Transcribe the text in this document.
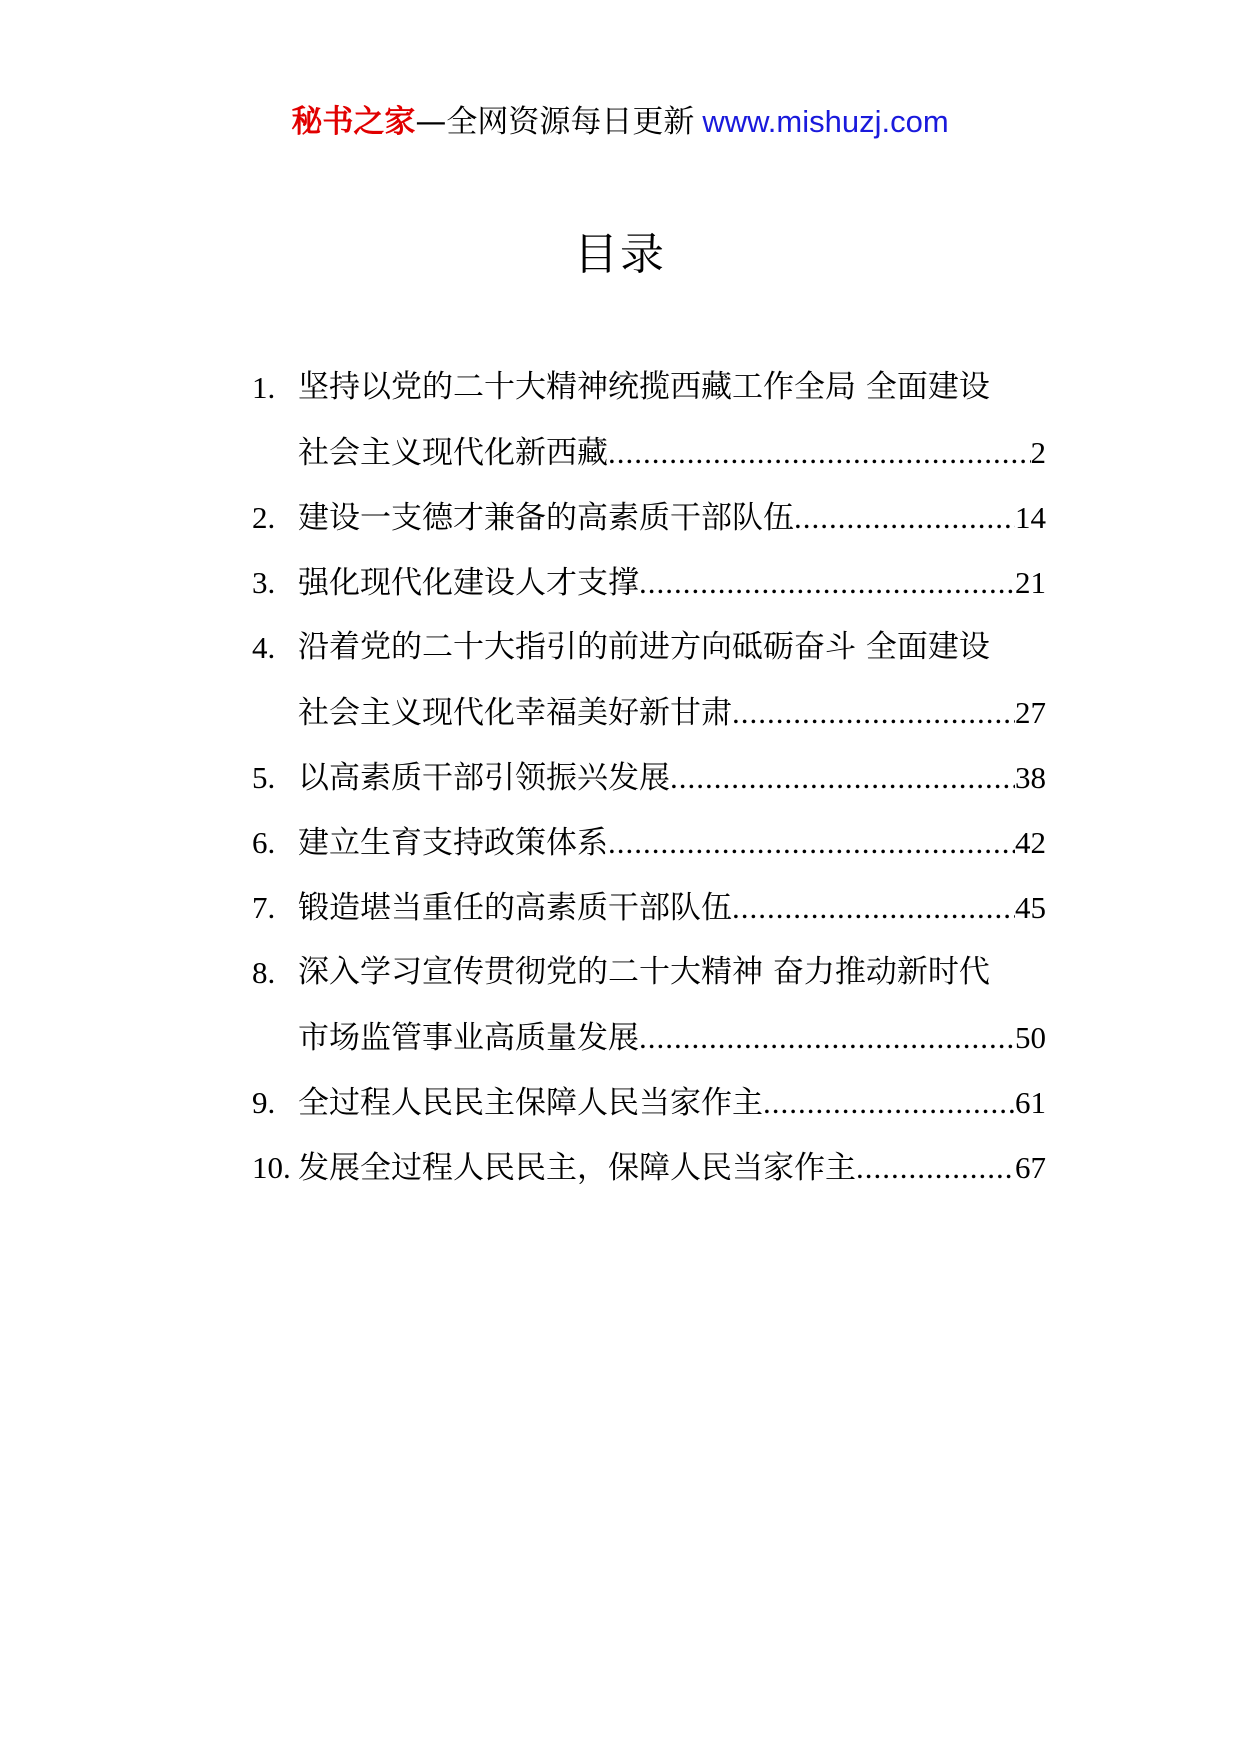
秘书之家—全网资源每日更新 www.mishuzj.com
目录
1. 坚持以党的二十大精神统揽西藏工作全局 全面建设
社会主义现代化新西藏 .....	2
2. 建设一支德才兼备的高素质干部队伍 .....	14
3. 强化现代化建设人才支撑 .....	21
4. 沿着党的二十大指引的前进方向砥砺奋斗 全面建设
社会主义现代化幸福美好新甘肃 .....	27
5. 以高素质干部引领振兴发展 .....	38
6. 建立生育支持政策体系 .....	42
7. 锻造堪当重任的高素质干部队伍 .....	45
8. 深入学习宣传贯彻党的二十大精神 奋力推动新时代
市场监管事业高质量发展 .....	50
9. 全过程人民民主保障人民当家作主 .....	61
10. 发展全过程人民民主，保障人民当家作主 .....	67
